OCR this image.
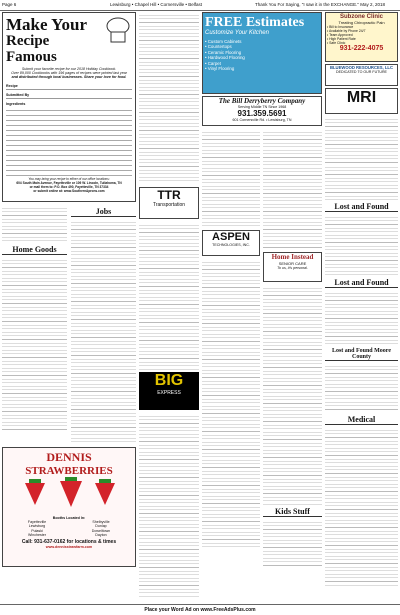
Page 6	Lewisburg • Chapel Hill • Cornersville • Belfast	Thank You For Saying, "I saw it in the EXCHANGE." May 2, 2018
Make Your
Recipe Famous
Submit your favorite recipe for our 2018 Holiday Cookbook.
Over 89,000 Cookbooks with 196 pages of recipes were printed last year
and distributed through local businesses. Share your love for food.
Recipe
Submitted By
Ingredients
You may bring your recipe to either of our office locations:
604 South Main Avenue, Fayetteville or 109 W. Lincoln, Tullahoma, TN
or mail them to: P.O. Box 490, Fayetteville, TN 37334
or submit online at: www.SouthernAprons.com
Home Goods
Jobs
DENNIS
STRAWBERRIES
Booths Located In:
Fayetteville	Shelbyville
Lewisburg	Dunlap
Pulaski	Dowelltown
Winchester	Dayton
Call: 931-637-0162 for locations & times
www.dennisstrawfarm.com
TTR
Transportation
BIG
EXPRESS
FREE Estimates
Customize Your Kitchen
• Custom Cabinets
• Countertops
• Ceramic Flooring
• Hardwood Flooring
• Carpet
• Vinyl Flooring
The Bill Derryberry Company
Serving Middle TN Since 1968
931.359.5691
601 Cornersville Rd. • Lewisburg, TN
ASPEN
TECHNOLOGIES, INC.
Home Instead
SENIOR CARE
To us, it's personal.
Kids Stuff
Subzone Clinic
Treating Chiropractic Pain
• Bill to Insurance
• Available by Phone 24/7
• Team Approved
• High Patient Rate
• Safe Clinic
931-222-4075
BLUEWOOD RESOURCES, LLC
DEDICATED TO OUR FUTURE
MRI
Lost and Found
Lost and Found
Lost and Found Moore County
Medical
Place your Word Ad on www.FreeAdsPlus.com
